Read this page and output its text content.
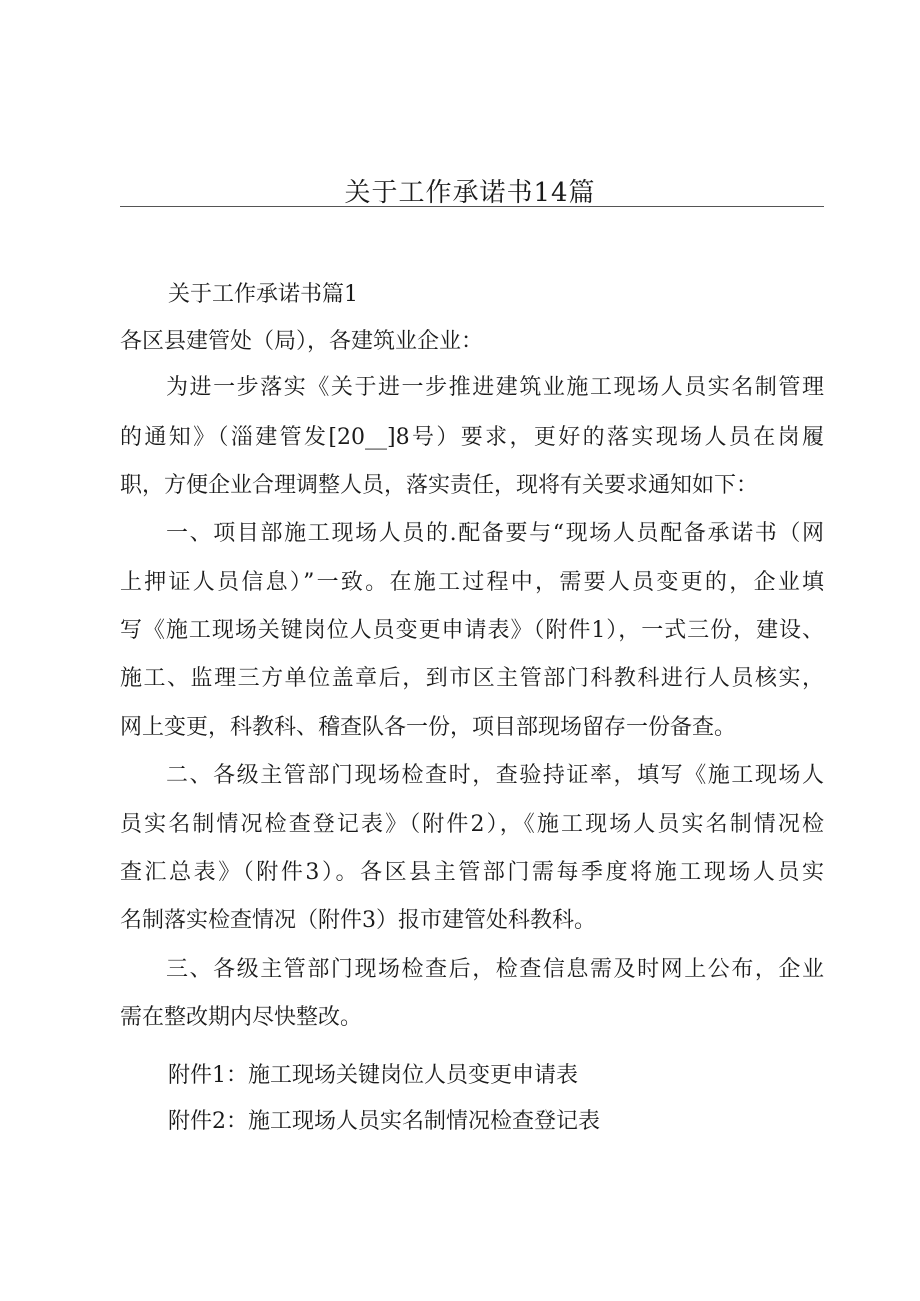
关于工作承诺书14篇
关于工作承诺书篇1
各区县建管处（局），各建筑业企业：
为进一步落实《关于进一步推进建筑业施工现场人员实名制管理
的通知》（淄建管发[20__]8号）要求，更好的落实现场人员在岗履
职，方便企业合理调整人员，落实责任，现将有关要求通知如下：
一、项目部施工现场人员的.配备要与“现场人员配备承诺书（网
上押证人员信息）”一致。在施工过程中，需要人员变更的，企业填
写《施工现场关键岗位人员变更申请表》（附件1），一式三份，建设、
施工、监理三方单位盖章后，到市区主管部门科教科进行人员核实，
网上变更，科教科、稽查队各一份，项目部现场留存一份备查。
二、各级主管部门现场检查时，查验持证率，填写《施工现场人
员实名制情况检查登记表》（附件2），《施工现场人员实名制情况检
查汇总表》（附件3）。各区县主管部门需每季度将施工现场人员实
名制落实检查情况（附件3）报市建管处科教科。
三、各级主管部门现场检查后，检查信息需及时网上公布，企业
需在整改期内尽快整改。
附件1：施工现场关键岗位人员变更申请表
附件2：施工现场人员实名制情况检查登记表
